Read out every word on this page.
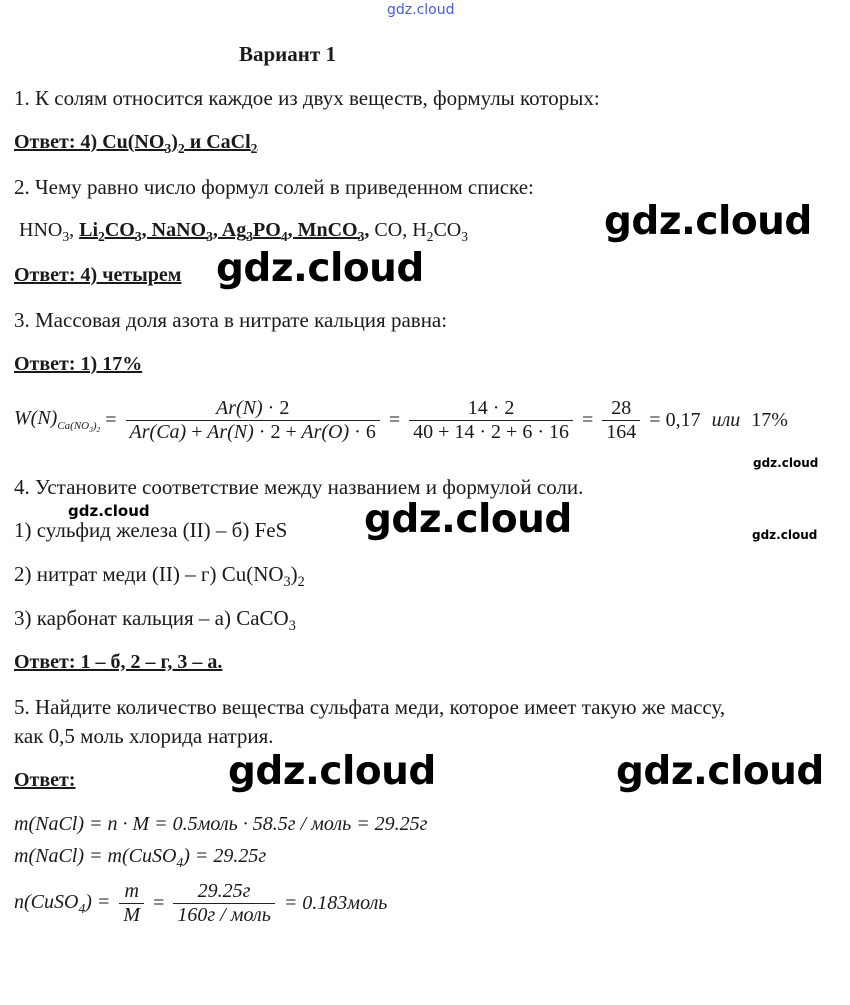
gdz.cloud
Вариант 1
1. К солям относится каждое из двух веществ, формулы которых:
Ответ: 4) $Cu(NO_3)_2$ и CaCl$_2$
2. Чему равно число формул солей в приведенном списке:
$HNO_3$, $Li_2CO_3$, NaNO$_3$, $Ag_3PO_4$, MnCO$_3$, CO, $H_2CO_3$
Ответ: 4) четырем
3. Массовая доля азота в нитрате кальция равна:
Ответ: 1) 17%
$W(N)_{Ca(NO_3)_2} = \frac{Ar(N) \cdot 2}{Ar(Ca) + Ar(N) \cdot 2 + Ar(O) \cdot 6} = \frac{14 \cdot 2}{40 + 14 \cdot 2 + 6 \cdot 16} = \frac{28}{164} = 0,17$ или 17%
4. Установите соответствие между названием и формулой соли.
1) сульфид железа (II) – б) FeS
2) нитрат меди (II) – г) $Cu(NO_3)_2$
3) карбонат кальция – а) CaCO$_3$
Ответ: 1 – б, 2 – г, 3 – а.
5. Найдите количество вещества сульфата меди, которое имеет такую же массу,
как 0,5 моль хлорида натрия.
Ответ:
m(NaCl) = n · M = 0.5моль · 58.5г / моль = 29.25г
m(NaCl) = m(CuSO$_4$) = 29.25г
n(CuSO$_4$) = $\frac{m}{M} = \frac{29.25г}{\text{160г / моль}}$ = 0.183моль
gdz.cloud
gdz.cloud
gdz.cloud
gdz.cloud	gdz.cloud
gdz.cloud
gdz.cloud
gdz.cloud
